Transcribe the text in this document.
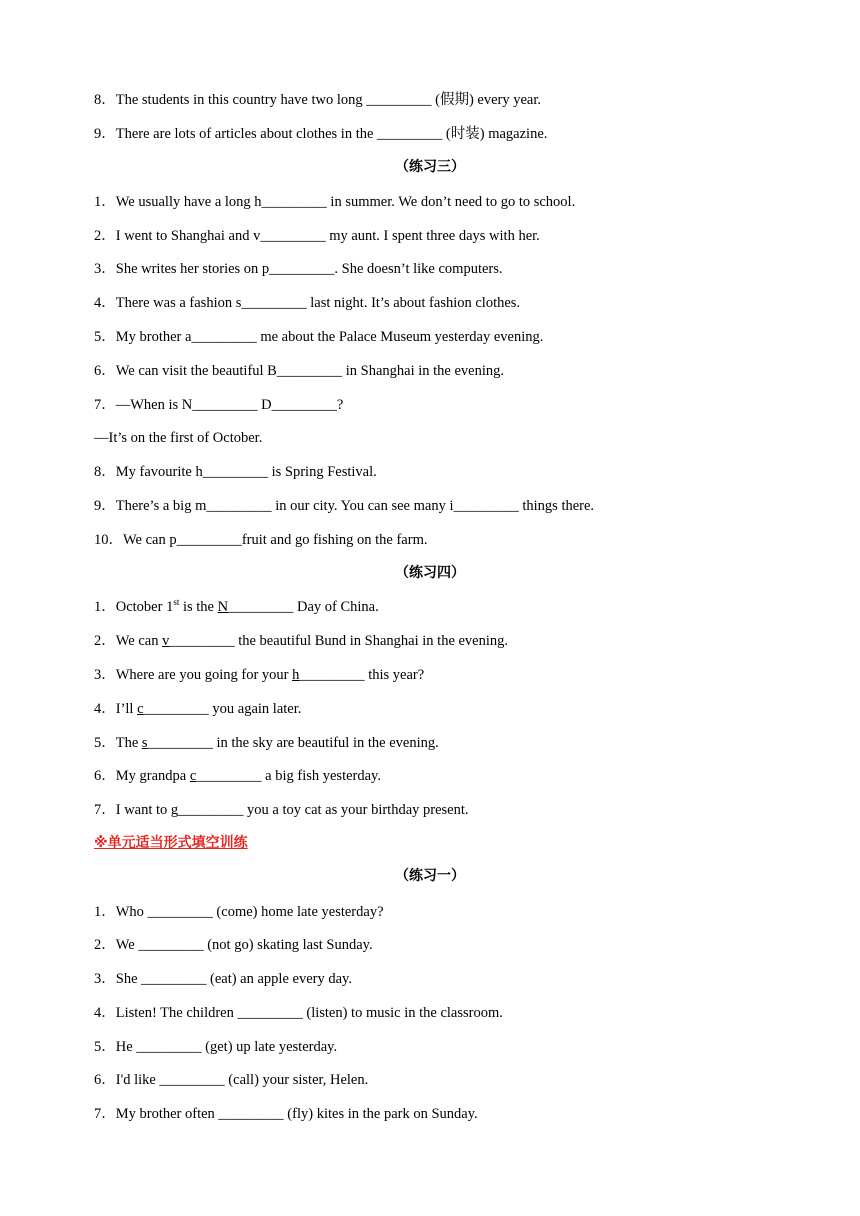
8．The students in this country have two long _________ (假期) every year.
9．There are lots of articles about clothes in the _________ (时装) magazine.
（练习三）
1．We usually have a long h_________ in summer. We don’t need to go to school.
2．I went to Shanghai and v_________ my aunt. I spent three days with her.
3．She writes her stories on p_________. She doesn’t like computers.
4．There was a fashion s_________ last night. It’s about fashion clothes.
5．My brother a_________ me about the Palace Museum yesterday evening.
6．We can visit the beautiful B_________ in Shanghai in the evening.
7．—When is N_________ D_________?
—It’s on the first of October.
8．My favourite h_________ is Spring Festival.
9．There’s a big m_________ in our city. You can see many i_________ things there.
10．We can p_________fruit and go fishing on the farm.
（练习四）
1．October 1st is the N_________ Day of China.
2．We can v_________ the beautiful Bund in Shanghai in the evening.
3．Where are you going for your h_________ this year?
4．I’ll c_________ you again later.
5．The s_________ in the sky are beautiful in the evening.
6．My grandpa c_________ a big fish yesterday.
7．I want to g_________ you a toy cat as your birthday present.
※单元适当形式填空训练
（练习一）
1．Who _________ (come) home late yesterday?
2．We _________ (not go) skating last Sunday.
3．She _________ (eat) an apple every day.
4．Listen! The children _________ (listen) to music in the classroom.
5．He _________ (get) up late yesterday.
6．I'd like _________ (call) your sister, Helen.
7．My brother often _________ (fly) kites in the park on Sunday.
